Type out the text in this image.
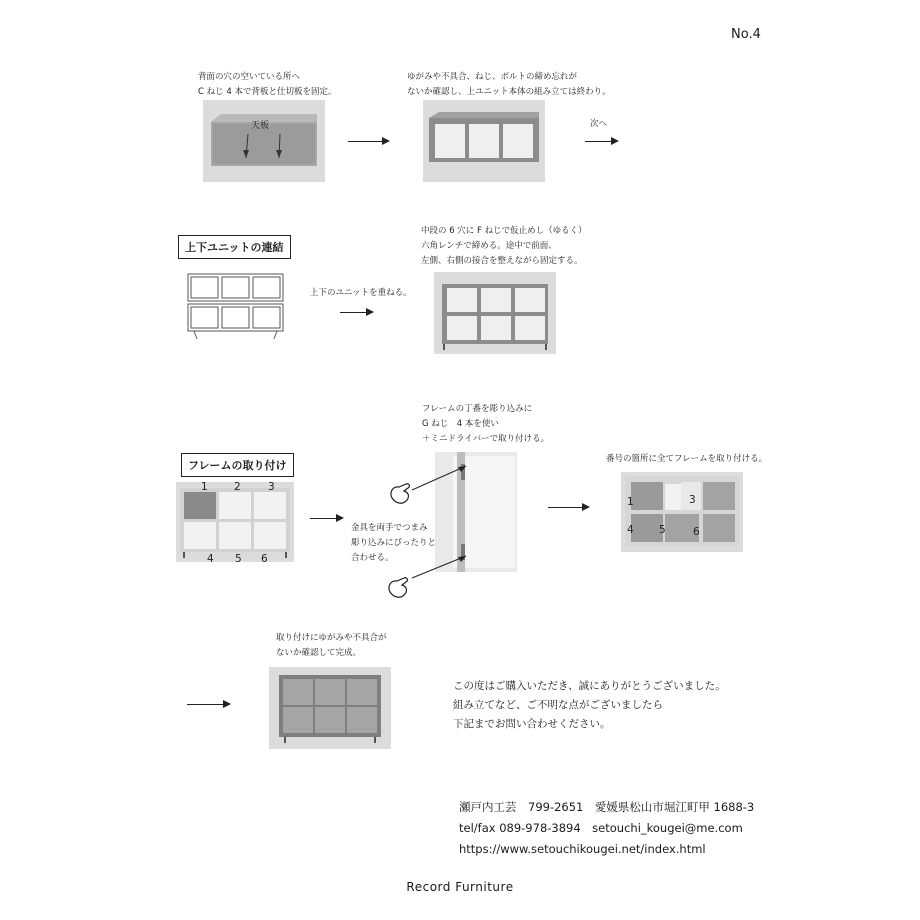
No.4
背面の穴の空いている所へ
C ねじ 4 本で背板と仕切板を固定。
天板
ゆがみや不具合、ねじ、ボルトの締め忘れが
ないか確認し、上ユニット本体の組み立ては終わり。
次へ
上下ユニットの連結
上下のユニットを重ねる。
中段の 6 穴に F ねじで仮止めし（ゆるく）
六角レンチで締める。途中で前面、
左側、右側の接合を整えながら固定する。
フレームの取り付け
1	2	3
4 5 6
フレームの丁番を彫り込みに
G ねじ　4 本を使い
＋ミニドライバーで取り付ける。
金具を両手でつまみ
彫り込みにぴったりと
合わせる。
番号の箇所に全てフレームを取り付ける。
1	3
4 5	6
取り付けにゆがみや不具合が
ないか確認して完成。
この度はご購入いただき、誠にありがとうございました。
組み立てなど、ご不明な点がございましたら
下記までお問い合わせください。
瀬戸内工芸　799-2651　愛媛県松山市堀江町甲 1688-3
tel/fax 089-978-3894　setouchi_kougei@me.com
https://www.setouchikougei.net/index.html
Record Furniture
